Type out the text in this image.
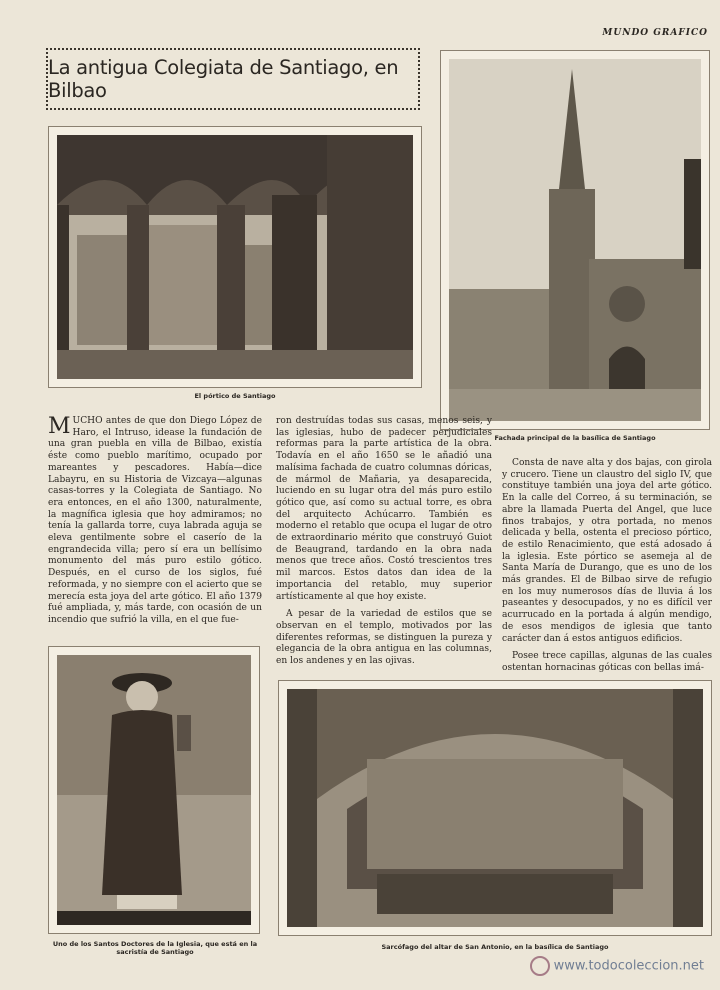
MUNDO GRAFICO
La antigua Colegiata de Santiago, en Bilbao
El pórtico de Santiago
Fachada principal de la basílica de Santiago

MUCHO antes de que don Diego López de Haro, el Intruso, idease la fundación de una gran puebla en villa de Bilbao, existía éste como pueblo marítimo, ocupado por mareantes y pescadores. Había—dice Labayru, en su Historia de Vizcaya—algunas casas-torres y la Colegiata de Santiago. No era entonces, en el año 1300, naturalmente, la magnífica iglesia que hoy admiramos; no tenía la gallarda torre, cuya labrada aguja se eleva gentilmente sobre el caserío de la engrandecida villa; pero sí era un bellísimo monumento del más puro estilo gótico. Después, en el curso de los siglos, fué reformada, y no siempre con el acierto que se merecía esta joya del arte gótico. El año 1379 fué ampliada, y, más tarde, con ocasión de un incendio que sufrió la villa, en el que fue-

ron destruídas todas sus casas, menos seis, y las iglesias, hubo de padecer perjudiciales reformas para la parte artística de la obra. Todavía en el año 1650 se le añadió una malísima fachada de cuatro columnas dóricas, de mármol de Mañaria, ya desaparecida, luciendo en su lugar otra del más puro estilo gótico que, así como su actual torre, es obra del arquitecto Achúcarro. También es moderno el retablo que ocupa el lugar de otro de extraordinario mérito que construyó Guiot de Beaugrand, tardando en la obra nada menos que trece años. Costó trescientos tres mil marcos. Estos datos dan idea de la importancia del retablo, muy superior artísticamente al que hoy existe.

A pesar de la variedad de estilos que se observan en el templo, motivados por las diferentes reformas, se distinguen la pureza y elegancia de la obra antigua en las columnas, en los andenes y en las ojivas.

Consta de nave alta y dos bajas, con girola y crucero. Tiene un claustro del siglo IV, que constituye también una joya del arte gótico. En la calle del Correo, á su terminación, se abre la llamada Puerta del Angel, que luce finos trabajos, y otra portada, no menos delicada y bella, ostenta el precioso pórtico, de estilo Renacimiento, que está adosado á la iglesia. Este pórtico se asemeja al de Santa María de Durango, que es uno de los más grandes. El de Bilbao sirve de refugio en los muy numerosos días de lluvia á los paseantes y desocupados, y no es difícil ver acurrucado en la portada á algún mendigo, de esos mendigos de iglesia que tanto carácter dan á estos antiguos edificios.

Posee trece capillas, algunas de las cuales ostentan hornacinas góticas con bellas imá-

Uno de los Santos Doctores de la Iglesia, que está en la sacristía de Santiago
Sarcófago del altar de San Antonio, en la basílica de Santiago
www.todocoleccion.net
